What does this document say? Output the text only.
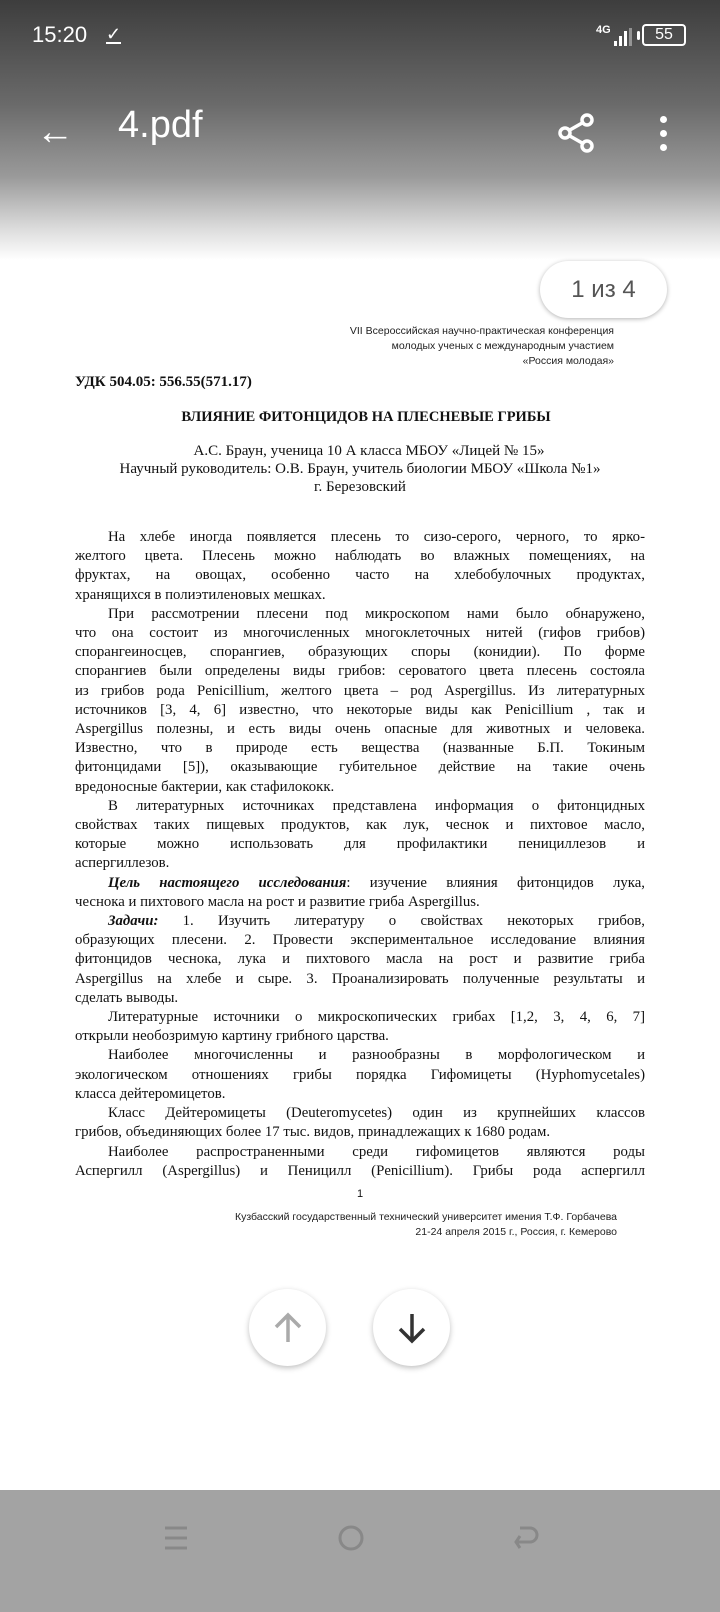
15:20 ✓	4G	55
← 4.pdf
1 из 4
VII Всероссийская научно-практическая конференция
молодых ученых с международным участием
«Россия молодая»
УДК 504.05: 556.55(571.17)
ВЛИЯНИЕ ФИТОНЦИДОВ НА ПЛЕСНЕВЫЕ ГРИБЫ
А.С. Браун, ученица 10 А класса МБОУ «Лицей № 15»
Научный руководитель: О.В. Браун, учитель биологии МБОУ «Школа №1»
г. Березовский
На хлебе иногда появляется плесень то сизо-серого, черного, то ярко-
желтого цвета. Плесень можно наблюдать во влажных помещениях, на
фруктах, на овощах, особенно часто на хлебобулочных продуктах,
хранящихся в полиэтиленовых мешках.
При рассмотрении плесени под микроскопом нами было обнаружено,
что она состоит из многочисленных многоклеточных нитей (гифов грибов)
спорангеиносцев, спорангиев, образующих споры (конидии). По форме
спорангиев были определены виды грибов: сероватого цвета плесень состояла
из грибов рода Penicillium, желтого цвета – род Aspergillus. Из литературных
источников [3, 4, 6] известно, что некоторые виды как Penicillium , так и
Aspergillus полезны, и есть виды очень опасные для животных и человека.
Известно, что в природе есть вещества (названные Б.П. Токиным
фитонцидами [5]), оказывающие губительное действие на такие очень
вредоносные бактерии, как стафилококк.
В литературных источниках представлена информация о фитонцидных
свойствах таких пищевых продуктов, как лук, чеснок и пихтовое масло,
которые можно использовать для профилактики пенициллезов и
аспергиллезов.
Цель настоящего исследования: изучение влияния фитонцидов лука,
чеснока и пихтового масла на рост и развитие гриба Aspergillus.
Задачи: 1. Изучить литературу о свойствах некоторых грибов,
образующих плесени. 2. Провести экспериментальное исследование влияния
фитонцидов чеснока, лука и пихтового масла на рост и развитие гриба
Aspergillus на хлебе и сыре. 3. Проанализировать полученные результаты и
сделать выводы.
Литературные источники о микроскопических грибах [1,2, 3, 4, 6, 7]
открыли необозримую картину грибного царства.
Наиболее многочисленны и разнообразны в морфологическом и
экологическом отношениях грибы порядка Гифомицеты (Hyphomycetales)
класса дейтеромицетов.
Класс Дейтеромицеты (Deuteromycetes) один из крупнейших классов
грибов, объединяющих более 17 тыс. видов, принадлежащих к 1680 родам.
Наиболее распространенными среди гифомицетов являются роды
Аспергилл (Aspergillus) и Пеницилл (Penicillium). Грибы рода аспергилл
1
Кузбасский государственный технический университет имения Т.Ф. Горбачева
21-24 апреля 2015 г., Россия, г. Кемерово
